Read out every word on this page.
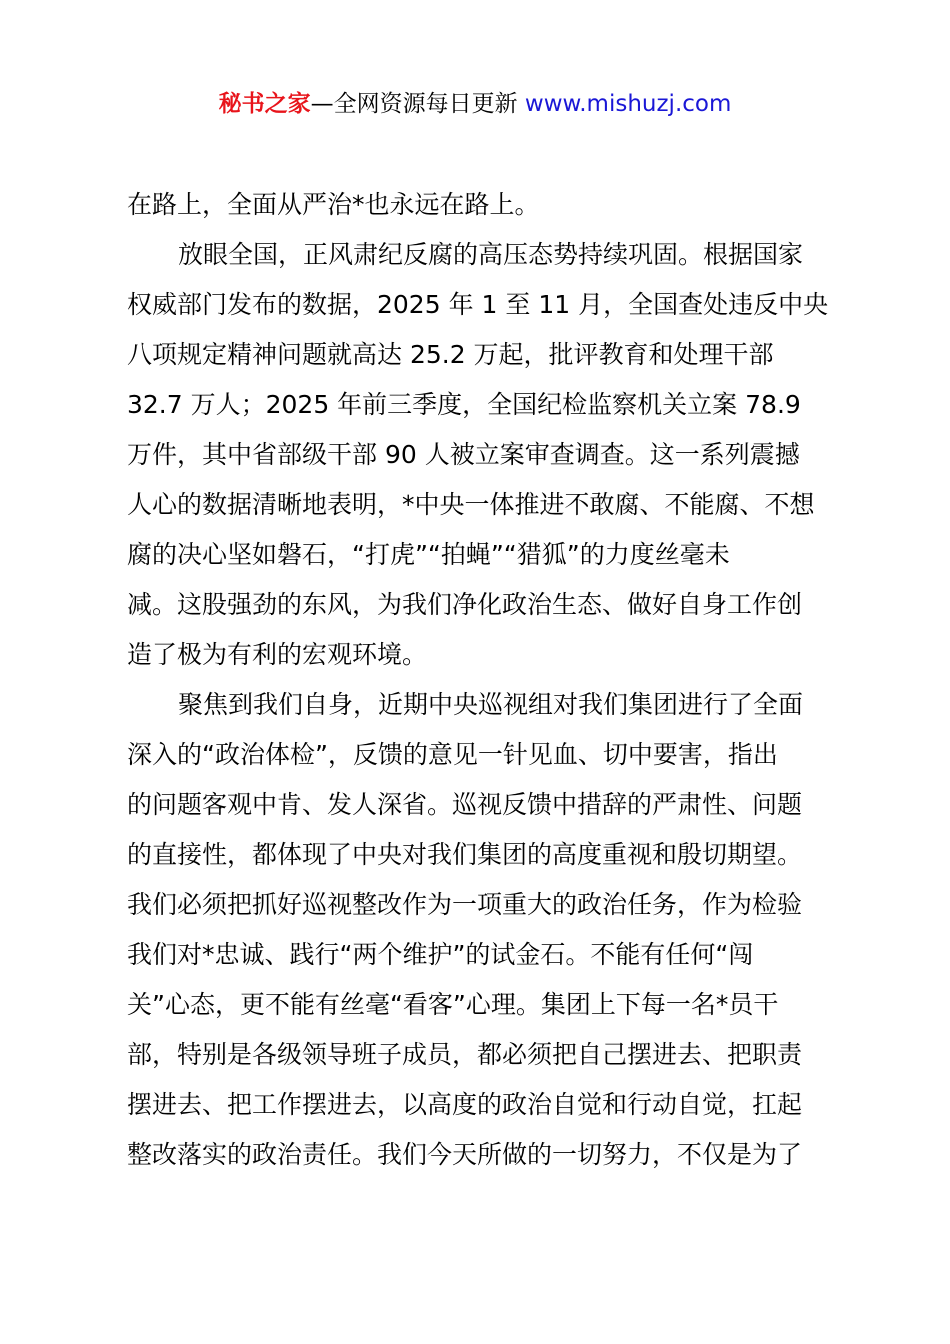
秘书之家—全网资源每日更新 www.mishuzj.com
在路上，全面从严治*也永远在路上。
放眼全国，正风肃纪反腐的高压态势持续巩固。根据国家
权威部门发布的数据，2025 年 1 至 11 月，全国查处违反中央
八项规定精神问题就高达 25.2 万起，批评教育和处理干部
32.7 万人；2025 年前三季度，全国纪检监察机关立案 78.9
万件，其中省部级干部 90 人被立案审查调查。这一系列震撼
人心的数据清晰地表明，*中央一体推进不敢腐、不能腐、不想
腐的决心坚如磐石，“打虎”“拍蝇”“猎狐”的力度丝毫未
减。这股强劲的东风，为我们净化政治生态、做好自身工作创
造了极为有利的宏观环境。
聚焦到我们自身，近期中央巡视组对我们集团进行了全面
深入的“政治体检”，反馈的意见一针见血、切中要害，指出
的问题客观中肯、发人深省。巡视反馈中措辞的严肃性、问题
的直接性，都体现了中央对我们集团的高度重视和殷切期望。
我们必须把抓好巡视整改作为一项重大的政治任务，作为检验
我们对*忠诚、践行“两个维护”的试金石。不能有任何“闯
关”心态，更不能有丝毫“看客”心理。集团上下每一名*员干
部，特别是各级领导班子成员，都必须把自己摆进去、把职责
摆进去、把工作摆进去，以高度的政治自觉和行动自觉，扛起
整改落实的政治责任。我们今天所做的一切努力，不仅是为了
